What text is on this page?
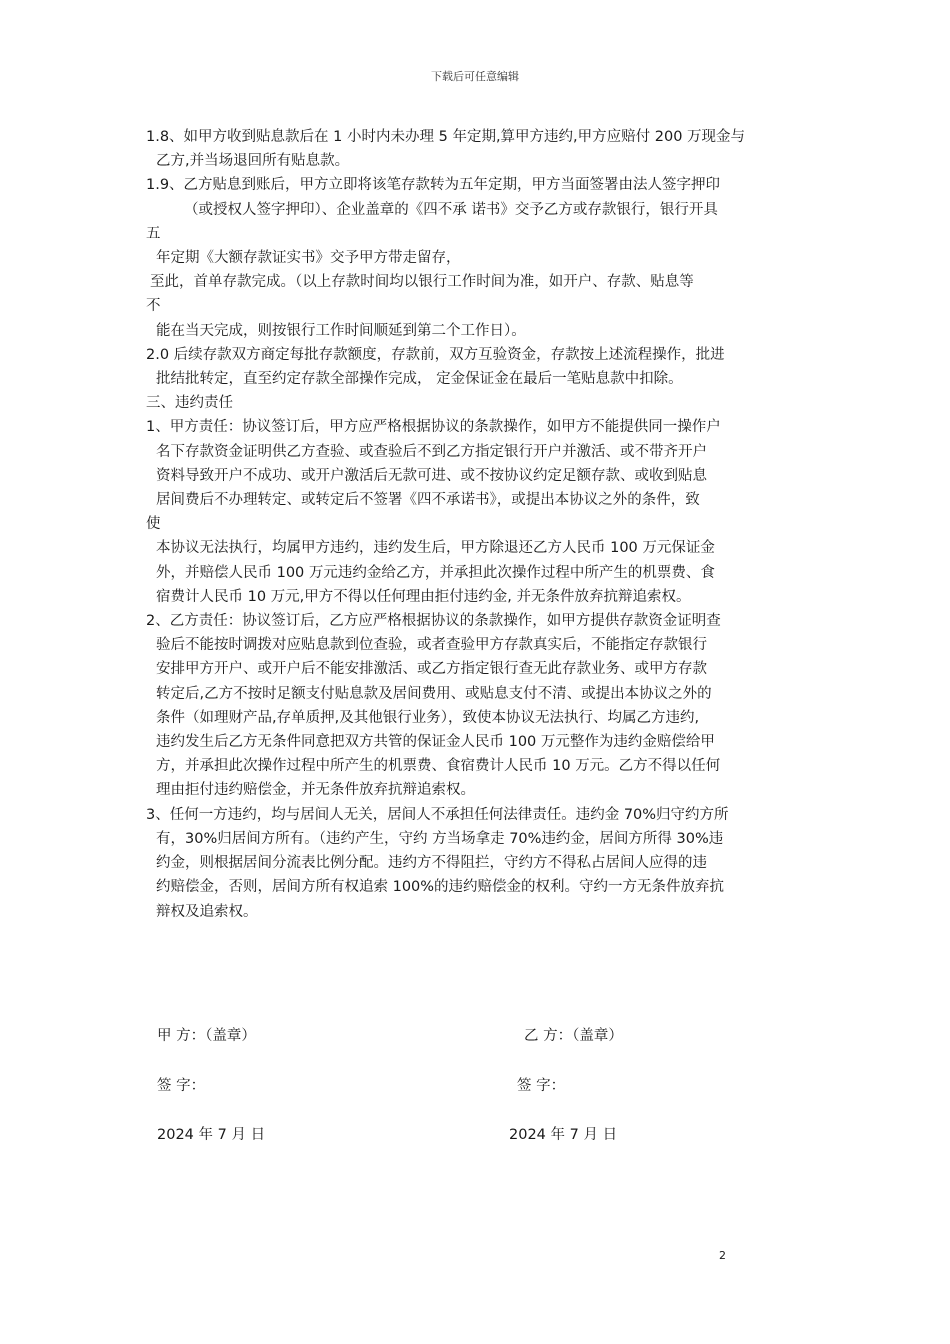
下载后可任意编辑
1.8、如甲方收到贴息款后在 1 小时内未办理 5 年定期,算甲方违约,甲方应赔付 200 万现金与
乙方,并当场退回所有贴息款。
1.9、乙方贴息到账后，甲方立即将该笔存款转为五年定期，甲方当面签署由法人签字押印
（或授权人签字押印）、企业盖章的《四不承 诺书》交予乙方或存款银行，银行开具
五
年定期《大额存款证实书》交予甲方带走留存，
至此，首单存款完成。（以上存款时间均以银行工作时间为准，如开户、存款、贴息等
不
能在当天完成，则按银行工作时间顺延到第二个工作日）。
2.0 后续存款双方商定每批存款额度，存款前，双方互验资金，存款按上述流程操作，批进
批结批转定，直至约定存款全部操作完成， 定金保证金在最后一笔贴息款中扣除。
三、违约责任
1、甲方责任：协议签订后，甲方应严格根据协议的条款操作，如甲方不能提供同一操作户
名下存款资金证明供乙方查验、或查验后不到乙方指定银行开户并激活、或不带齐开户
资料导致开户不成功、或开户激活后无款可进、或不按协议约定足额存款、或收到贴息
居间费后不办理转定、或转定后不签署《四不承诺书》，或提出本协议之外的条件，致
使
本协议无法执行，均属甲方违约，违约发生后，甲方除退还乙方人民币 100 万元保证金
外，并赔偿人民币 100 万元违约金给乙方，并承担此次操作过程中所产生的机票费、食
宿费计人民币 10 万元,甲方不得以任何理由拒付违约金, 并无条件放弃抗辩追索权。
2、乙方责任：协议签订后，乙方应严格根据协议的条款操作，如甲方提供存款资金证明查
验后不能按时调拨对应贴息款到位查验，或者查验甲方存款真实后，不能指定存款银行
安排甲方开户、或开户后不能安排激活、或乙方指定银行查无此存款业务、或甲方存款
转定后,乙方不按时足额支付贴息款及居间费用、或贴息支付不清、或提出本协议之外的
条件（如理财产品,存单质押,及其他银行业务），致使本协议无法执行、均属乙方违约,
违约发生后乙方无条件同意把双方共管的保证金人民币 100 万元整作为违约金赔偿给甲
方，并承担此次操作过程中所产生的机票费、食宿费计人民币 10 万元。乙方不得以任何
理由拒付违约赔偿金，并无条件放弃抗辩追索权。
3、任何一方违约，均与居间人无关，居间人不承担任何法律责任。违约金 70%归守约方所
有，30%归居间方所有。（违约产生，守约 方当场拿走 70%违约金，居间方所得 30%违
约金，则根据居间分流表比例分配。违约方不得阻拦，守约方不得私占居间人应得的违
约赔偿金，否则，居间方所有权追索 100%的违约赔偿金的权利。守约一方无条件放弃抗
辩权及追索权。
甲 方：（盖章）	乙 方：（盖章）
签 字：	签 字：
2024 年 7 月 日	2024 年 7 月 日
2
